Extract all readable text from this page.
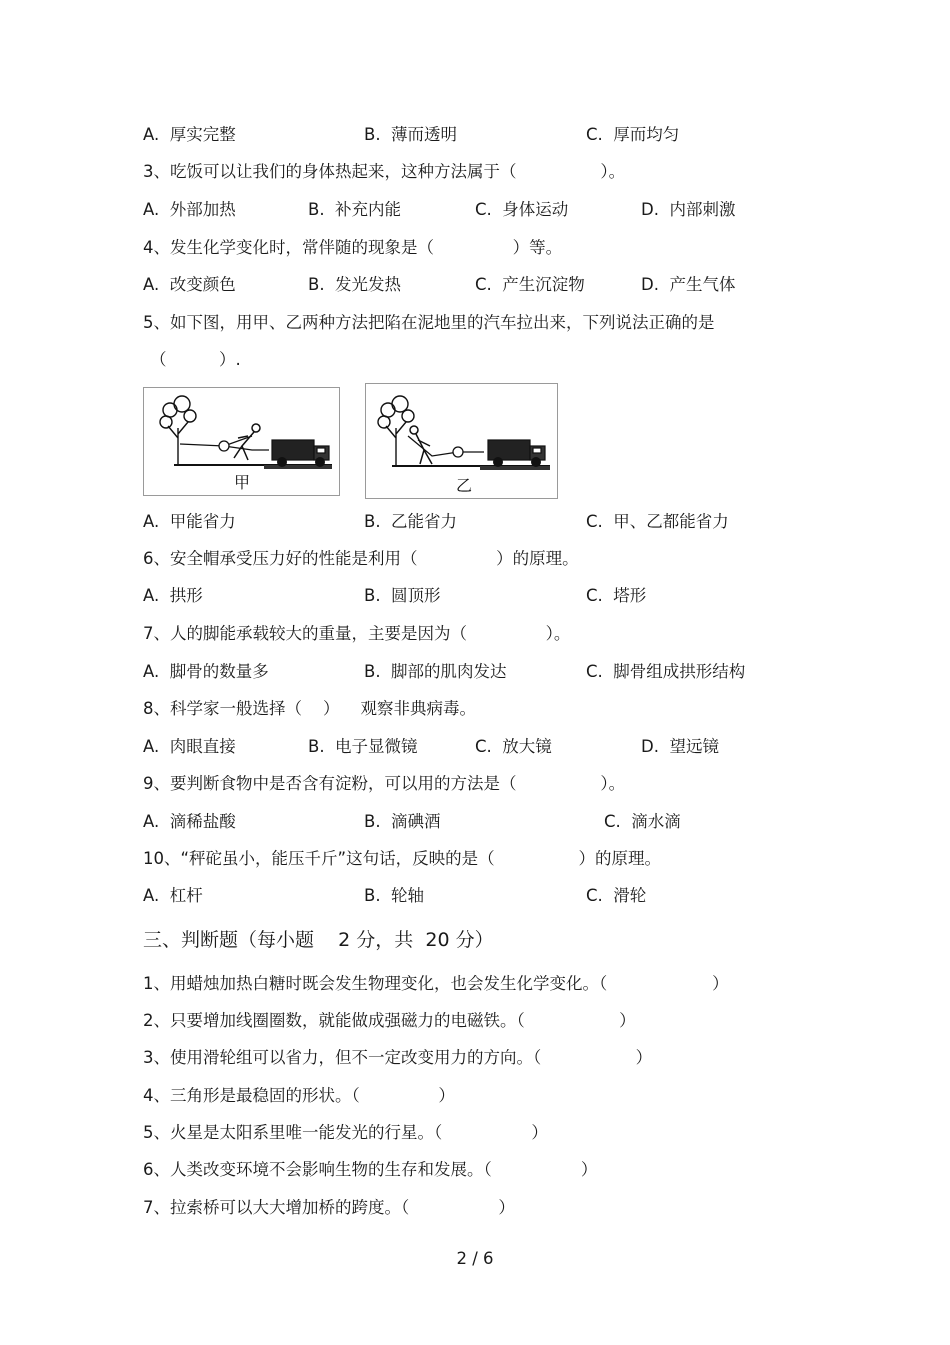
A.  厚实完整	B.  薄而透明	C.  厚而均匀
3、吃饭可以让我们的身体热起来，这种方法属于（                ）。
A.  外部加热	B.  补充内能	C.  身体运动	D.  内部刺激
4、发生化学变化时，常伴随的现象是（               ）等。
A.  改变颜色	B.  发光发热	C.  产生沉淀物	D.  产生气体
5、如下图，用甲、乙两种方法把陷在泥地里的汽车拉出来，下列说法正确的是
（          ）.
甲	乙
A.  甲能省力	B.  乙能省力	C.  甲、乙都能省力
6、安全帽承受压力好的性能是利用（               ）的原理。
A.  拱形	B.  圆顶形	C.  塔形
7、人的脚能承载较大的重量，主要是因为（               ）。
A.  脚骨的数量多	B.  脚部的肌肉发达	C.  脚骨组成拱形结构
8、科学家一般选择（    ）    观察非典病毒。
A.  肉眼直接	B.  电子显微镜	C.  放大镜	D.  望远镜
9、要判断食物中是否含有淀粉，可以用的方法是（                ）。
A.  滴稀盐酸	B.  滴碘酒	C.  滴水滴
10、“秤砣虽小，能压千斤”这句话，反映的是（                ）的原理。
A.  杠杆	B.  轮轴	C.  滑轮
三、判断题（每小题    2 分，共  20 分）
1、用蜡烛加热白糖时既会发生物理变化，也会发生化学变化。（                    ）
2、只要增加线圈圈数，就能做成强磁力的电磁铁。（                  ）
3、使用滑轮组可以省力，但不一定改变用力的方向。（                  ）
4、三角形是最稳固的形状。（               ）
5、火星是太阳系里唯一能发光的行星。（                 ）
6、人类改变环境不会影响生物的生存和发展。（                 ）
7、拉索桥可以大大增加桥的跨度。（                 ）
2 / 6
